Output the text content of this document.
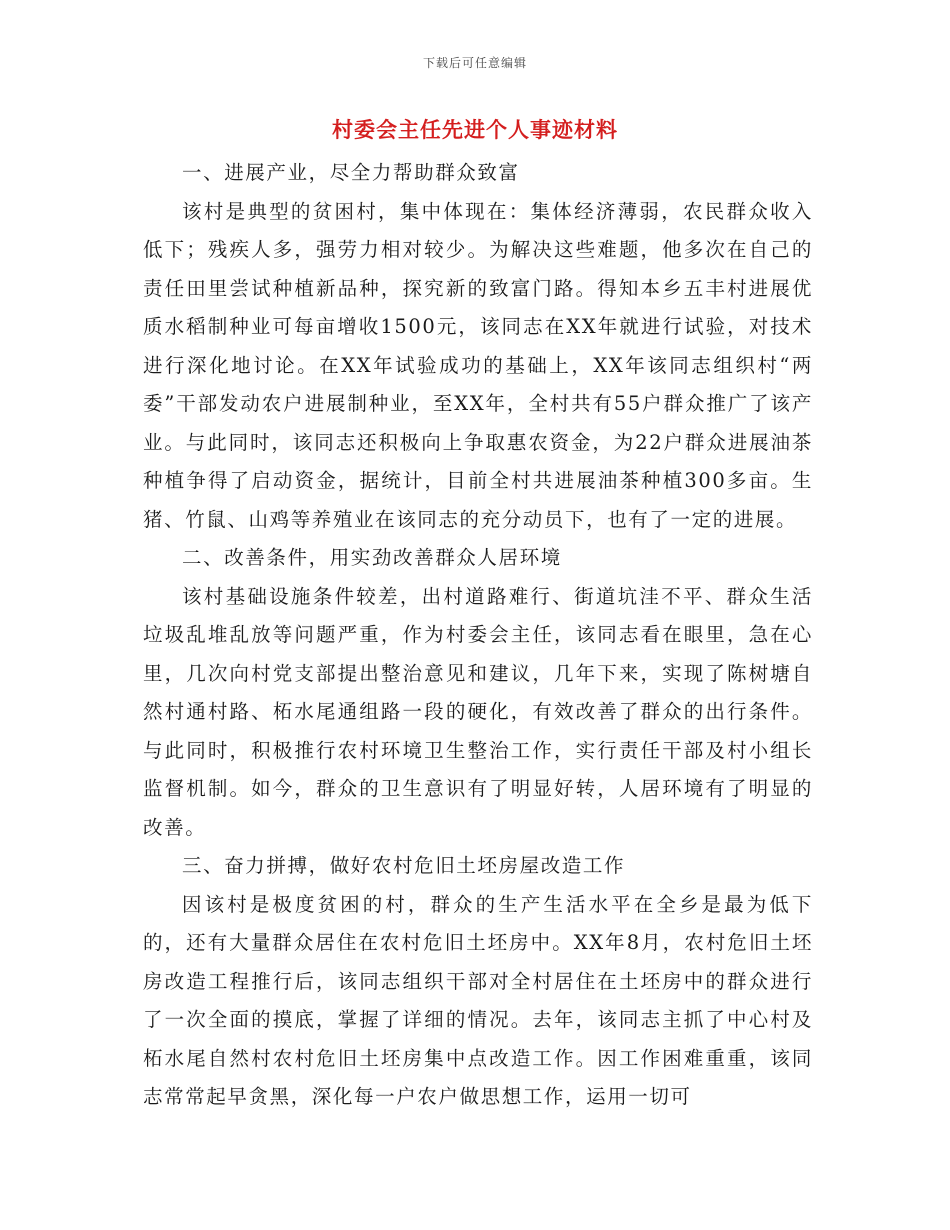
下载后可任意编辑
村委会主任先进个人事迹材料

一、进展产业，尽全力帮助群众致富

该村是典型的贫困村，集中体现在：集体经济薄弱，农民群众收入低下；残疾人多，强劳力相对较少。为解决这些难题，他多次在自己的责任田里尝试种植新品种，探究新的致富门路。得知本乡五丰村进展优质水稻制种业可每亩增收1500元，该同志在XX年就进行试验，对技术进行深化地讨论。在XX年试验成功的基础上，XX年该同志组织村“两委”干部发动农户进展制种业，至XX年，全村共有55户群众推广了该产业。与此同时，该同志还积极向上争取惠农资金，为22户群众进展油茶种植争得了启动资金，据统计，目前全村共进展油茶种植300多亩。生猪、竹鼠、山鸡等养殖业在该同志的充分动员下，也有了一定的进展。

二、改善条件，用实劲改善群众人居环境

该村基础设施条件较差，出村道路难行、街道坑洼不平、群众生活垃圾乱堆乱放等问题严重，作为村委会主任，该同志看在眼里，急在心里，几次向村党支部提出整治意见和建议，几年下来，实现了陈树塘自然村通村路、柘水尾通组路一段的硬化，有效改善了群众的出行条件。与此同时，积极推行农村环境卫生整治工作，实行责任干部及村小组长监督机制。如今，群众的卫生意识有了明显好转，人居环境有了明显的改善。

三、奋力拼搏，做好农村危旧土坯房屋改造工作

因该村是极度贫困的村，群众的生产生活水平在全乡是最为低下的，还有大量群众居住在农村危旧土坯房中。XX年8月，农村危旧土坯房改造工程推行后，该同志组织干部对全村居住在土坯房中的群众进行了一次全面的摸底，掌握了详细的情况。去年，该同志主抓了中心村及柘水尾自然村农村危旧土坯房集中点改造工作。因工作困难重重，该同志常常起早贪黑，深化每一户农户做思想工作，运用一切可
